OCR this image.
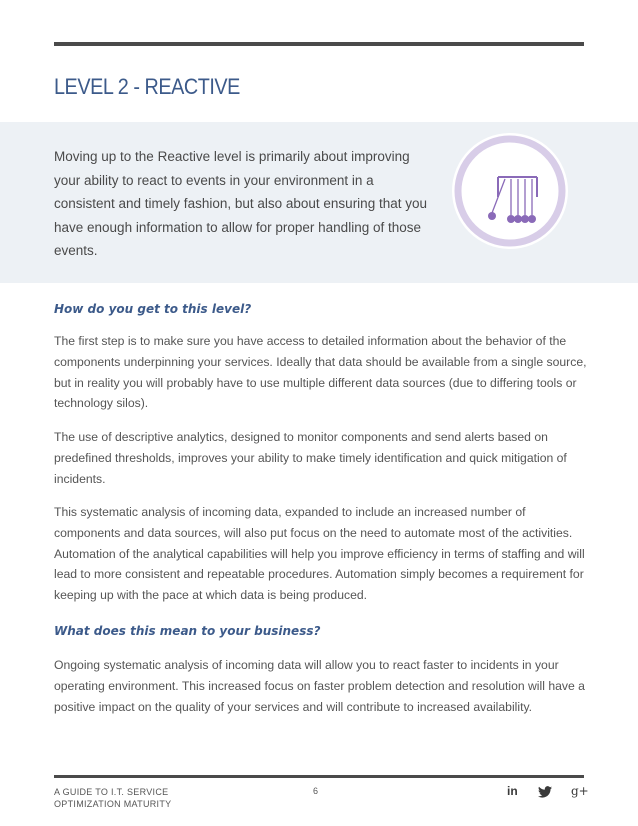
LEVEL 2 - REACTIVE
Moving up to the Reactive level is primarily about improving your ability to react to events in your environment in a consistent and timely fashion, but also about ensuring that you have enough information to allow for proper handling of those events.
How do you get to this level?
The first step is to make sure you have access to detailed information about the behavior of the components underpinning your services. Ideally that data should be available from a single source, but in reality you will probably have to use multiple different data sources (due to differing tools or technology silos).
The use of descriptive analytics, designed to monitor components and send alerts based on predefined thresholds, improves your ability to make timely identification and quick mitigation of incidents.
This systematic analysis of incoming data, expanded to include an increased number of components and data sources, will also put focus on the need to automate most of the activities. Automation of the analytical capabilities will help you improve efficiency in terms of staffing and will lead to more consistent and repeatable procedures. Automation simply becomes a requirement for keeping up with the pace at which data is being produced.
What does this mean to your business?
Ongoing systematic analysis of incoming data will allow you to react faster to incidents in your operating environment. This increased focus on faster problem detection and resolution will have a positive impact on the quality of your services and will contribute to increased availability.
A GUIDE TO I.T. SERVICE
OPTIMIZATION MATURITY
6	in	g+
